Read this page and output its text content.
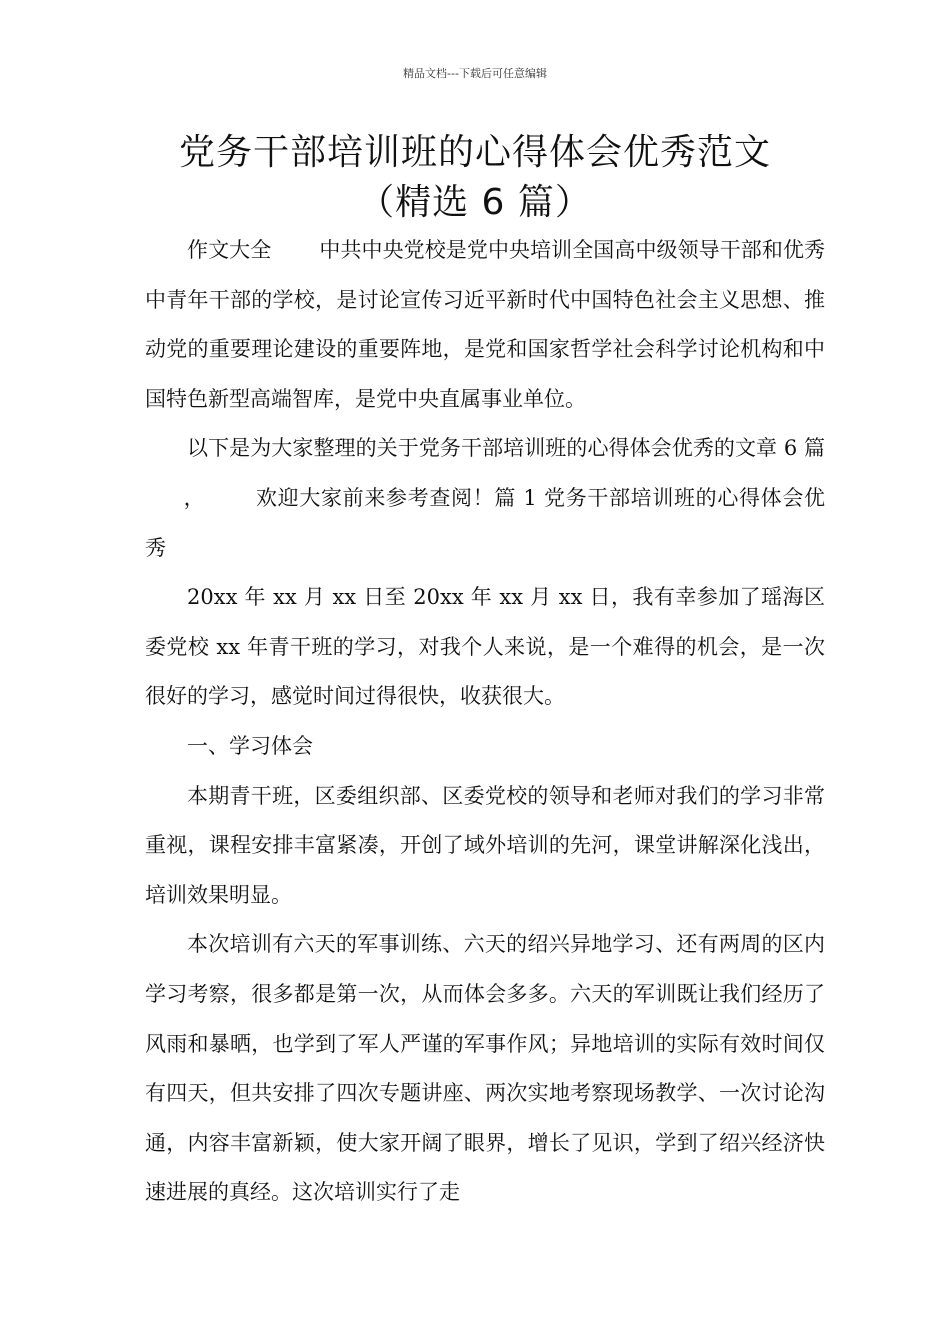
精品文档---下载后可任意编辑
党务干部培训班的心得体会优秀范文
（精选 6 篇）

作文大全 中共中央党校是党中央培训全国高中级领导干部和优秀中青年干部的学校，是讨论宣传习近平新时代中国特色社会主义思想、推动党的重要理论建设的重要阵地，是党和国家哲学社会科学讨论机构和中国特色新型高端智库，是党中央直属事业单位。

以下是为大家整理的关于党务干部培训班的心得体会优秀的文章 6 篇， 欢迎大家前来参考查阅！篇 1 党务干部培训班的心得体会优秀

20xx 年 xx 月 xx 日至 20xx 年 xx 月 xx 日，我有幸参加了瑶海区委党校 xx 年青干班的学习，对我个人来说，是一个难得的机会，是一次很好的学习，感觉时间过得很快，收获很大。

一、学习体会

本期青干班，区委组织部、区委党校的领导和老师对我们的学习非常重视，课程安排丰富紧凑，开创了域外培训的先河，课堂讲解深化浅出，培训效果明显。

本次培训有六天的军事训练、六天的绍兴异地学习、还有两周的区内学习考察，很多都是第一次，从而体会多多。六天的军训既让我们经历了风雨和暴晒，也学到了军人严谨的军事作风；异地培训的实际有效时间仅有四天，但共安排了四次专题讲座、两次实地考察现场教学、一次讨论沟通，内容丰富新颖，使大家开阔了眼界，增长了见识，学到了绍兴经济快速进展的真经。这次培训实行了走
